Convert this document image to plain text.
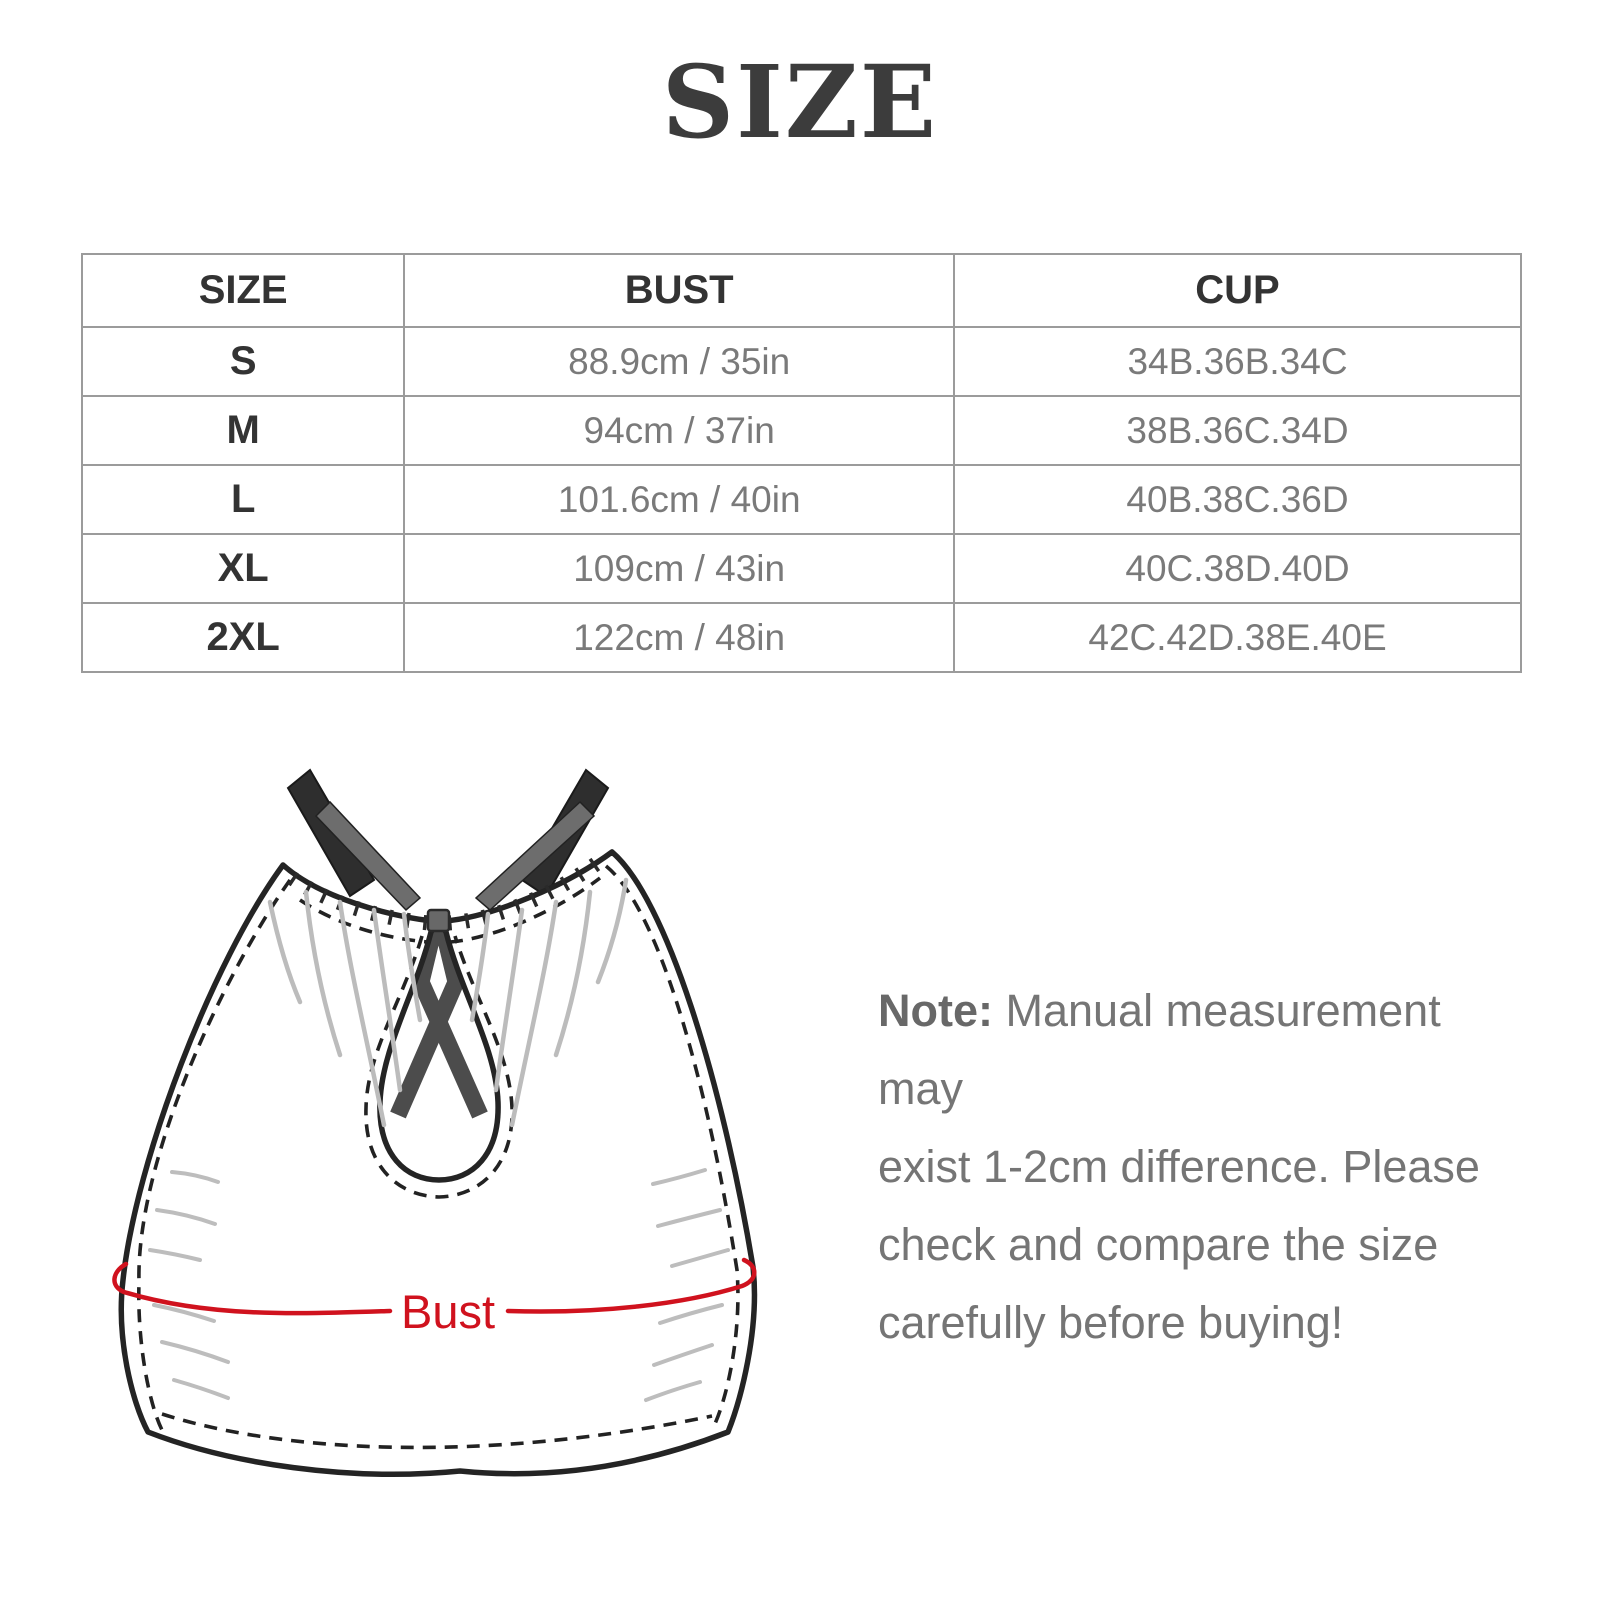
SIZE
SIZE	BUST	CUP
S	88.9cm / 35in	34B.36B.34C
M	94cm / 37in	38B.36C.34D
L	101.6cm / 40in	40B.38C.36D
XL	109cm / 43in	40C.38D.40D
2XL	122cm / 48in	42C.42D.38E.40E
Bust
Note: Manual measurement may
exist 1-2cm difference. Please
check and compare the size
carefully before buying!
